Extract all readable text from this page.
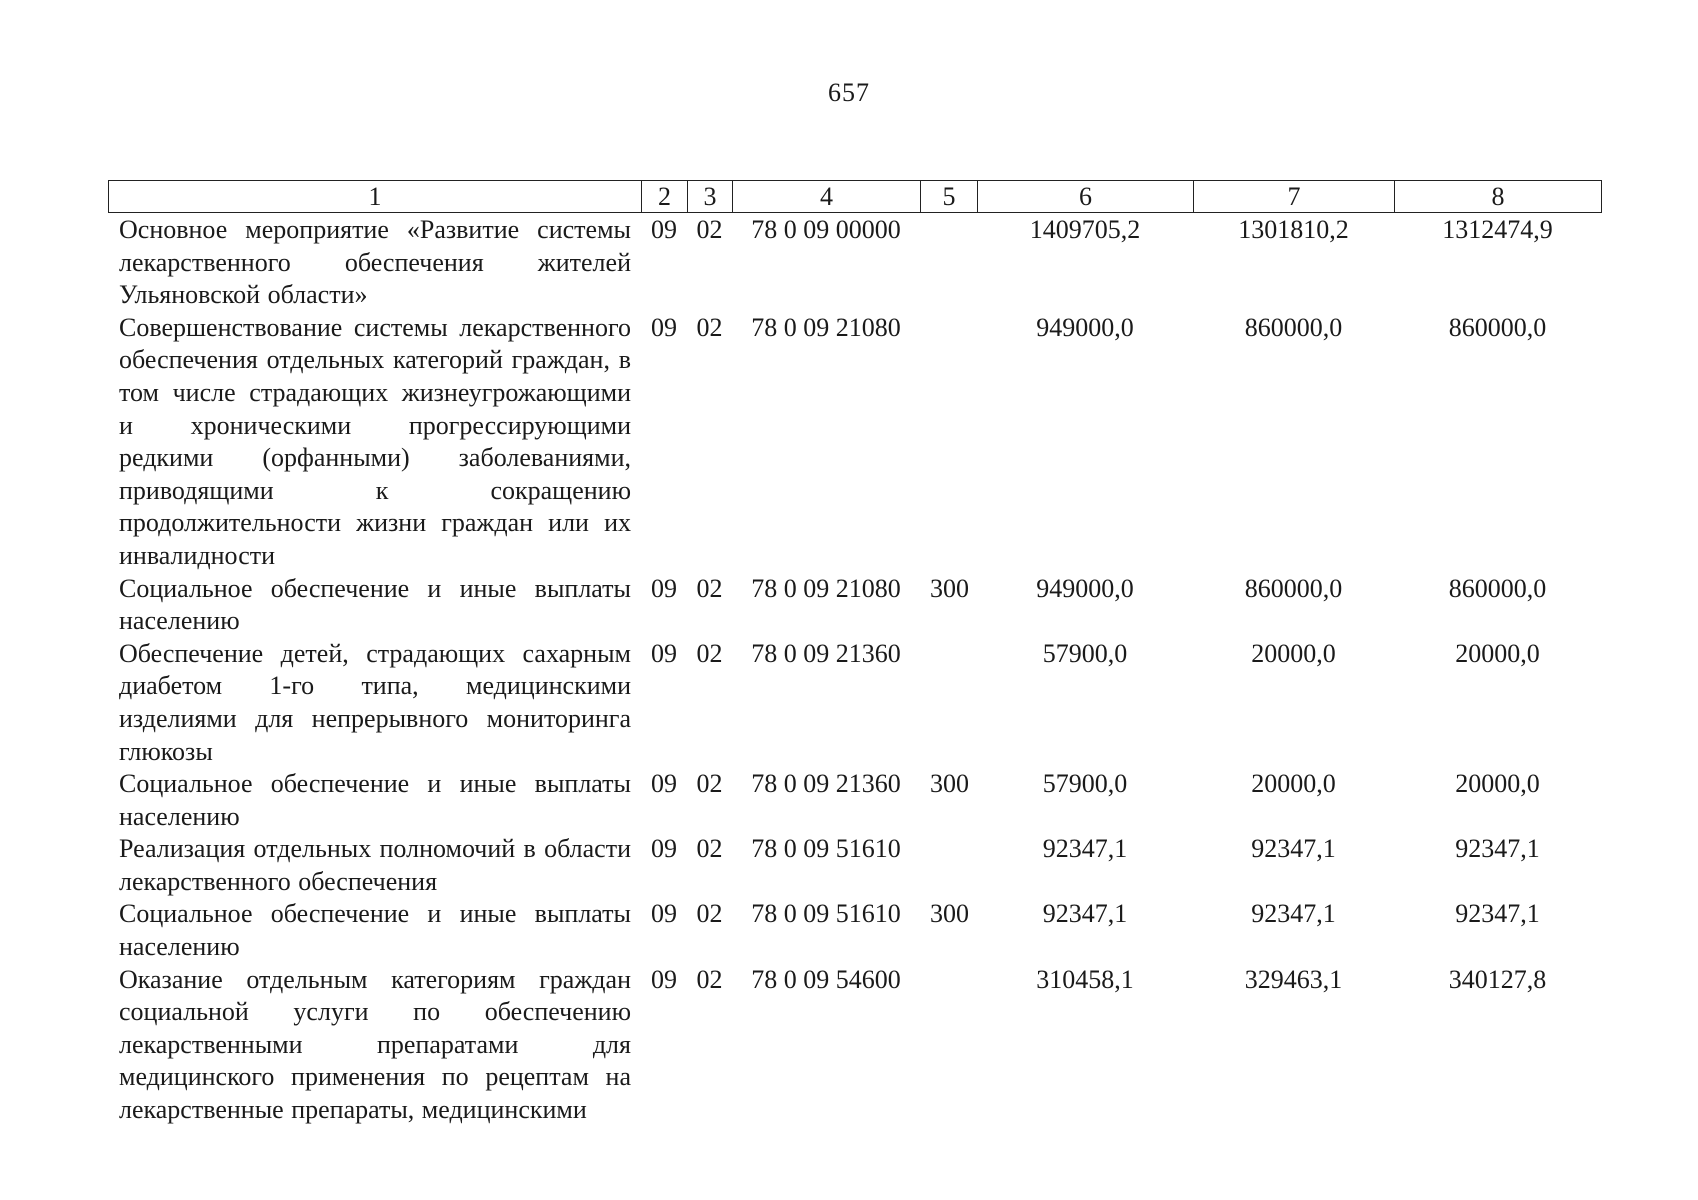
657
1	2	3	4	5	6	7	8
Основное мероприятие «Развитие системы лекарственного обеспечения жителей Ульяновской области»	09	02	78 0 09 00000		1409705,2	1301810,2	1312474,9
Совершенствование системы лекарственного обеспечения отдельных категорий граждан, в том числе страдающих жизнеугрожающими и хроническими прогрессирующими редкими (орфанными) заболеваниями, приводящими к сокращению продолжительности жизни граждан или их инвалидности	09	02	78 0 09 21080		949000,0	860000,0	860000,0
Социальное обеспечение и иные выплаты населению	09	02	78 0 09 21080	300	949000,0	860000,0	860000,0
Обеспечение детей, страдающих сахарным диабетом 1-го типа, медицинскими изделиями для непрерывного мониторинга глюкозы	09	02	78 0 09 21360		57900,0	20000,0	20000,0
Социальное обеспечение и иные выплаты населению	09	02	78 0 09 21360	300	57900,0	20000,0	20000,0
Реализация отдельных полномочий в области лекарственного обеспечения	09	02	78 0 09 51610		92347,1	92347,1	92347,1
Социальное обеспечение и иные выплаты населению	09	02	78 0 09 51610	300	92347,1	92347,1	92347,1
Оказание отдельным категориям граждан социальной услуги по обеспечению лекарственными препаратами для медицинского применения по рецептам на лекарственные препараты, медицинскими	09	02	78 0 09 54600		310458,1	329463,1	340127,8
